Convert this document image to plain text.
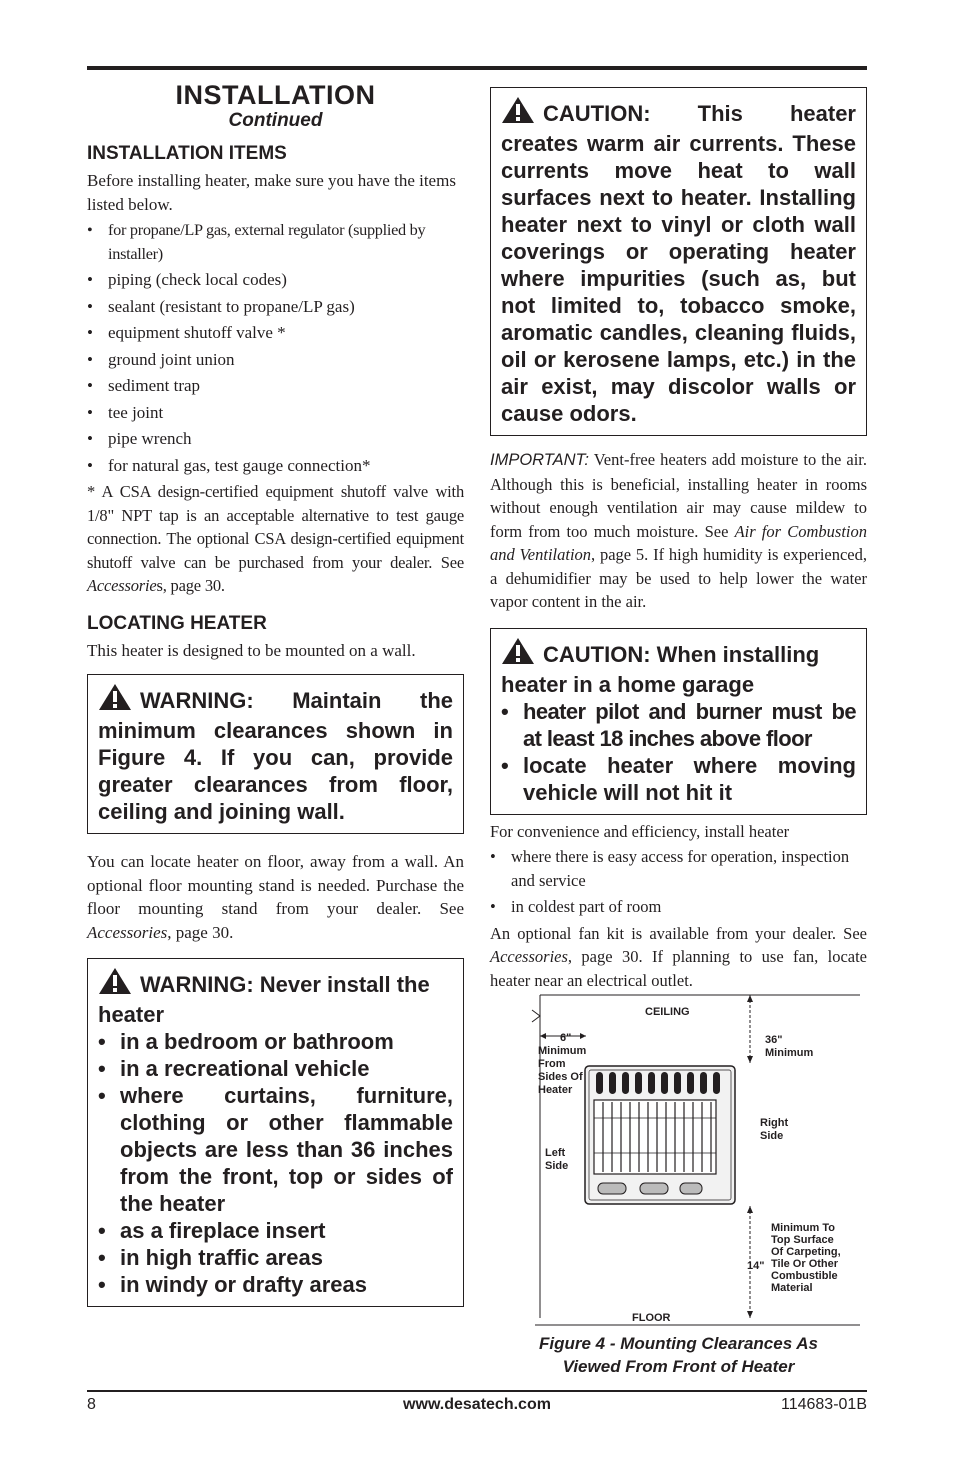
INSTALLATION
Continued
INSTALLATION ITEMS

Before installing heater, make sure you have the items listed below.

• for propane/LP gas, external regulator (supplied by installer)
• piping (check local codes)
• sealant (resistant to propane/LP gas)
• equipment shutoff valve *
• ground joint union
• sediment trap
• tee joint
• pipe wrench
• for natural gas, test gauge connection*

* A CSA design-certified equipment shutoff valve with 1/8" NPT tap is an acceptable alternative to test gauge connection. The optional CSA design-certified equipment shutoff valve can be purchased from your dealer. See Accessories, page 30.

LOCATING HEATER

This heater is designed to be mounted on a wall.

WARNING: Maintain the minimum clearances shown in Figure 4. If you can, provide greater clearances from floor, ceiling and joining wall.

You can locate heater on floor, away from a wall. An optional floor mounting stand is needed. Purchase the floor mounting stand from your dealer. See Accessories, page 30.

WARNING: Never install the heater
• in a bedroom or bathroom
• in a recreational vehicle
• where curtains, furniture, clothing or other flammable objects are less than 36 inches from the front, top or sides of the heater
• as a fireplace insert
• in high traffic areas
• in windy or drafty areas
CAUTION: This heater creates warm air currents. These currents move heat to wall surfaces next to heater. Installing heater next to vinyl or cloth wall coverings or operating heater where impurities (such as, but not limited to, tobacco smoke, aromatic candles, cleaning fluids, oil or kerosene lamps, etc.) in the air exist, may discolor walls or cause odors.

IMPORTANT: Vent-free heaters add moisture to the air. Although this is beneficial, installing heater in rooms without enough ventilation air may cause mildew to form from too much moisture. See Air for Combustion and Ventilation, page 5. If high humidity is experienced, a dehumidifier may be used to help lower the water vapor content in the air.

CAUTION: When installing heater in a home garage
• heater pilot and burner must be at least 18 inches above floor
• locate heater where moving vehicle will not hit it

For convenience and efficiency, install heater

• where there is easy access for operation, inspection and service
• in coldest part of room

An optional fan kit is available from your dealer. See Accessories, page 30. If planning to use fan, locate heater near an electrical outlet.

CEILING
FLOOR
6"
Minimum
From
Sides Of
Heater
36"
Minimum
Left
Side
Right
Side
14"
Minimum To
Top Surface
Of Carpeting,
Tile Or Other
Combustible
Material
Figure 4 - Mounting Clearances As
Viewed From Front of Heater
8	www.desatech.com	114683-01B
